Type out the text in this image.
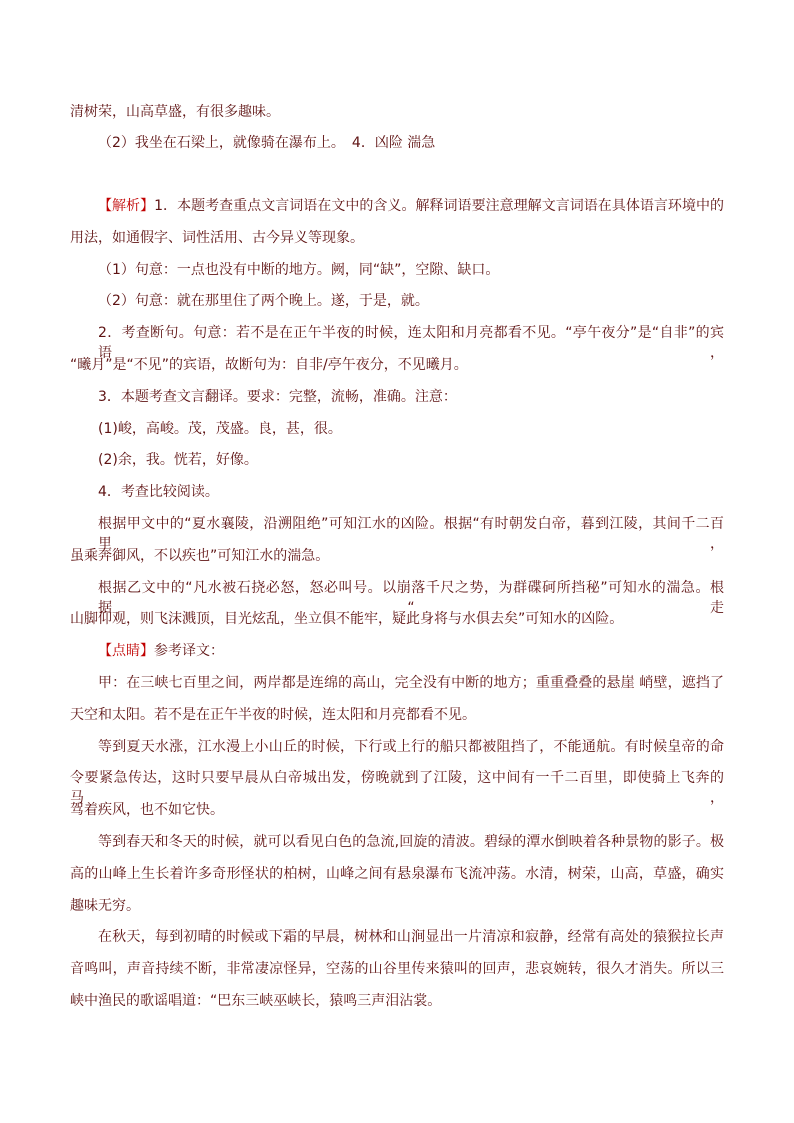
清树荣，山高草盛，有很多趣味。
（2）我坐在石梁上，就像骑在瀑布上。　4．凶险 湍急
【解析】1．本题考查重点文言词语在文中的含义。解释词语要注意理解文言词语在具体语言环境中的
用法，如通假字、词性活用、古今异义等现象。
（1）句意：一点也没有中断的地方。阙，同“缺”，空隙、缺口。
（2）句意：就在那里住了两个晚上。遂，于是，就。
2．考查断句。句意：若不是在正午半夜的时候，连太阳和月亮都看不见。“亭午夜分”是“自非”的宾语，
“曦月”是“不见”的宾语，故断句为：自非/亭午夜分，不见曦月。
3．本题考查文言翻译。要求：完整，流畅，准确。注意：
(1)峻，高峻。茂，茂盛。良，甚，很。
(2)余，我。恍若，好像。
4．考查比较阅读。
根据甲文中的“夏水襄陵，沿溯阻绝”可知江水的凶险。根据“有时朝发白帝，暮到江陵，其间千二百里，
虽乘奔御风，不以疾也”可知江水的湍急。
根据乙文中的“凡水被石挠必怒，怒必叫号。以崩落千尺之势，为群碟砢所挡秘”可知水的湍急。根据“走
山脚仰观，则飞沫溅顶，目光炫乱，坐立俱不能牢，疑此身将与水俱去矣”可知水的凶险。
【点睛】参考译文：
甲：在三峡七百里之间，两岸都是连绵的高山，完全没有中断的地方；重重叠叠的悬崖 峭壁，遮挡了
天空和太阳。若不是在正午半夜的时候，连太阳和月亮都看不见。
等到夏天水涨，江水漫上小山丘的时候，下行或上行的船只都被阻挡了，不能通航。有时候皇帝的命
令要紧急传达，这时只要早晨从白帝城出发，傍晚就到了江陵，这中间有一千二百里，即使骑上飞奔的马，
驾着疾风，也不如它快。
等到春天和冬天的时候，就可以看见白色的急流,回旋的清波。碧绿的潭水倒映着各种景物的影子。极
高的山峰上生长着许多奇形怪状的柏树，山峰之间有悬泉瀑布飞流冲荡。水清，树荣，山高，草盛，确实
趣味无穷。
在秋天，每到初晴的时候或下霜的早晨，树林和山涧显出一片清凉和寂静，经常有高处的猿猴拉长声
音鸣叫，声音持续不断，非常凄凉怪异，空荡的山谷里传来猿叫的回声，悲哀婉转，很久才消失。所以三
峡中渔民的歌谣唱道：“巴东三峡巫峡长，猿鸣三声泪沾裳。
